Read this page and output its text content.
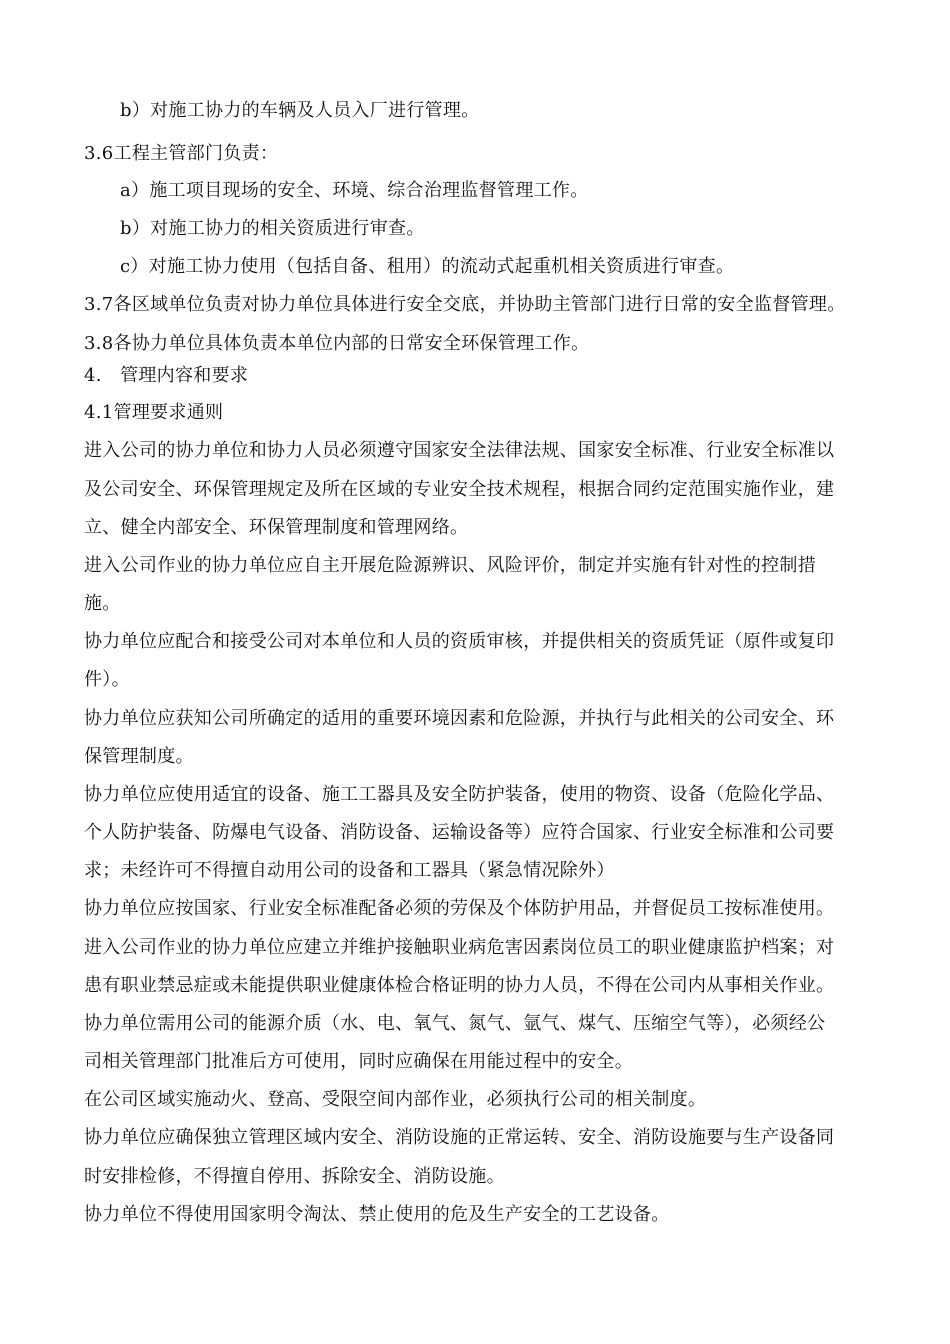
b）对施工协力的车辆及人员入厂进行管理。
3.6工程主管部门负责：
a）施工项目现场的安全、环境、综合治理监督管理工作。
b）对施工协力的相关资质进行审查。
c）对施工协力使用（包括自备、租用）的流动式起重机相关资质进行审查。
3.7各区域单位负责对协力单位具体进行安全交底，并协助主管部门进行日常的安全监督管理。
3.8各协力单位具体负责本单位内部的日常安全环保管理工作。
4.　管理内容和要求
4.1管理要求通则
进入公司的协力单位和协力人员必须遵守国家安全法律法规、国家安全标准、行业安全标准以
及公司安全、环保管理规定及所在区域的专业安全技术规程，根据合同约定范围实施作业，建
立、健全内部安全、环保管理制度和管理网络。
进入公司作业的协力单位应自主开展危险源辨识、风险评价，制定并实施有针对性的控制措
施。
协力单位应配合和接受公司对本单位和人员的资质审核，并提供相关的资质凭证（原件或复印
件）。
协力单位应获知公司所确定的适用的重要环境因素和危险源，并执行与此相关的公司安全、环
保管理制度。
协力单位应使用适宜的设备、施工工器具及安全防护装备，使用的物资、设备（危险化学品、
个人防护装备、防爆电气设备、消防设备、运输设备等）应符合国家、行业安全标准和公司要
求；未经许可不得擅自动用公司的设备和工器具（紧急情况除外）
协力单位应按国家、行业安全标准配备必须的劳保及个体防护用品，并督促员工按标准使用。
进入公司作业的协力单位应建立并维护接触职业病危害因素岗位员工的职业健康监护档案；对
患有职业禁忌症或未能提供职业健康体检合格证明的协力人员，不得在公司内从事相关作业。
协力单位需用公司的能源介质（水、电、氧气、氮气、氩气、煤气、压缩空气等），必须经公
司相关管理部门批准后方可使用，同时应确保在用能过程中的安全。
在公司区域实施动火、登高、受限空间内部作业，必须执行公司的相关制度。
协力单位应确保独立管理区域内安全、消防设施的正常运转、安全、消防设施要与生产设备同
时安排检修，不得擅自停用、拆除安全、消防设施。
协力单位不得使用国家明令淘汰、禁止使用的危及生产安全的工艺设备。
